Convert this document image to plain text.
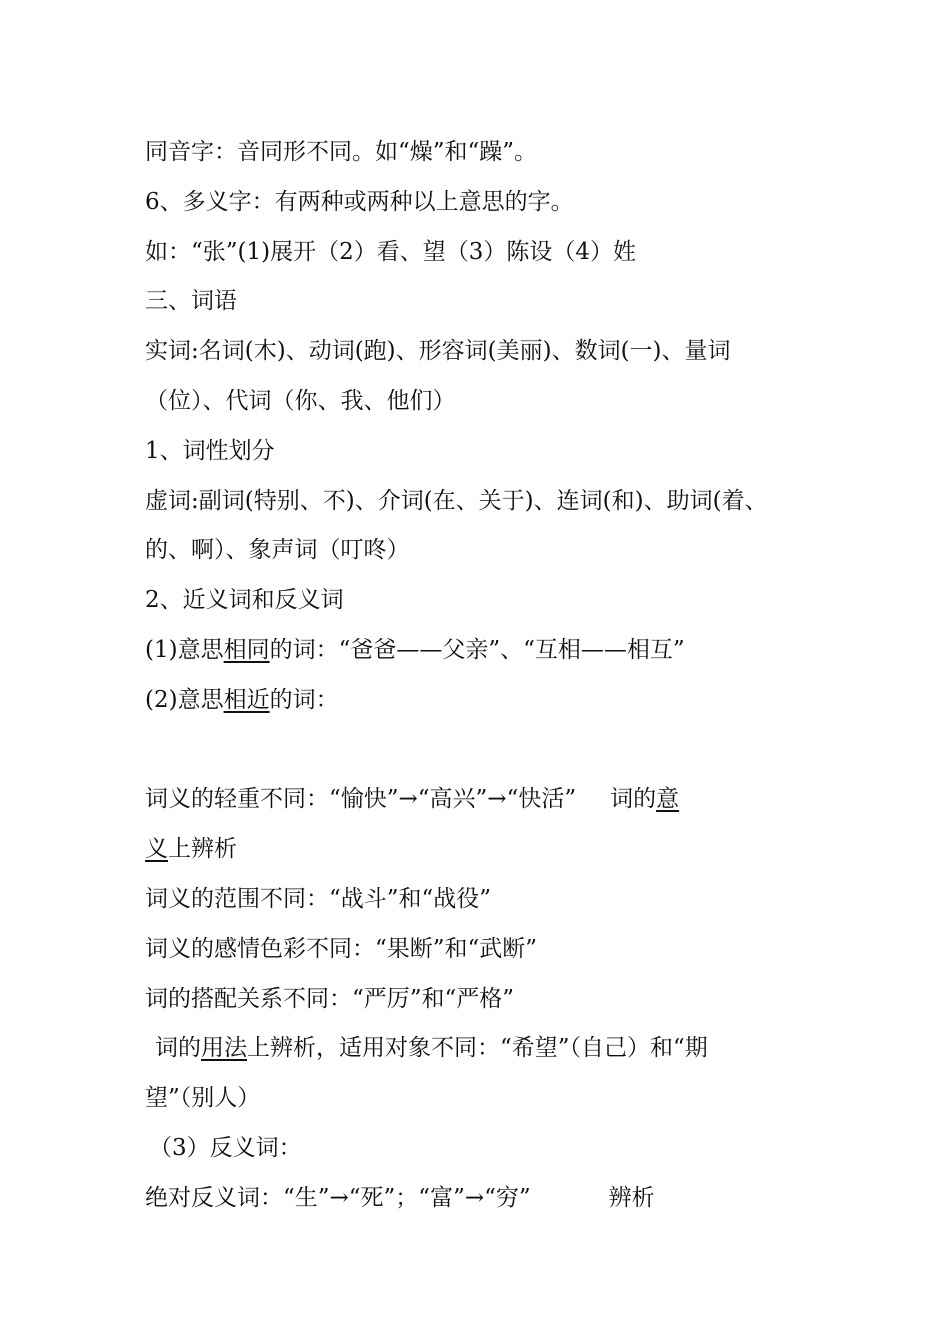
同音字：音同形不同。如“燥”和“躁”。
6、多义字：有两种或两种以上意思的字。
如：“张”(1)展开（2）看、望（3）陈设（4）姓
三、词语
实词:名词(木)、动词(跑)、形容词(美丽)、数词(一)、量词
（位）、代词（你、我、他们）
1、词性划分
虚词:副词(特别、不)、介词(在、关于)、连词(和)、助词(着、
的、啊）、象声词（叮咚）
2、近义词和反义词
(1)意思相同的词：“爸爸——父亲”、“互相——相互”
(2)意思相近的词：
词义的轻重不同：“愉快”→“高兴”→“快活” 词的意
义上辨析
词义的范围不同：“战斗”和“战役”
词义的感情色彩不同：“果断”和“武断”
词的搭配关系不同：“严厉”和“严格”
词的用法上辨析，适用对象不同：“希望”（自己）和“期
望”（别人）
（3）反义词：
绝对反义词：“生”→“死”；“富”→“穷”	辨析
